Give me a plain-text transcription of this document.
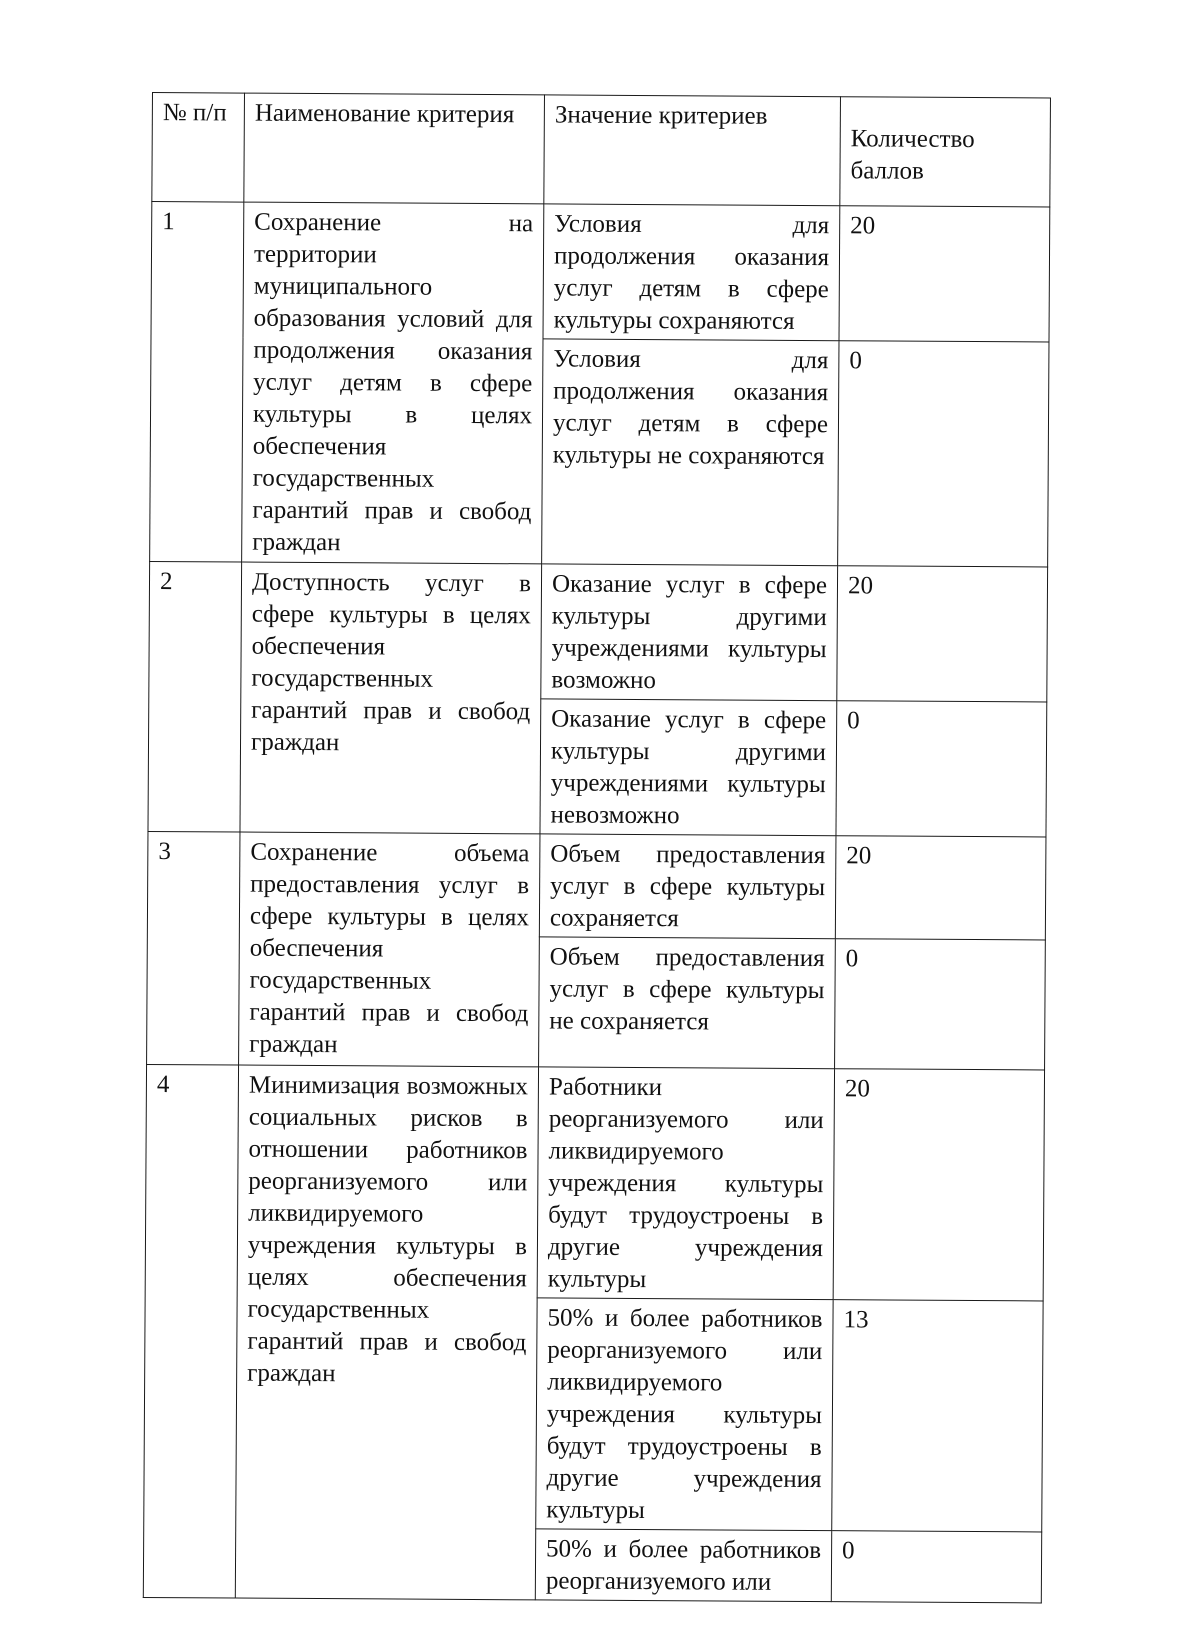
№ п/п	Наименование критерия	Значение критериев	Количество баллов
1	Сохранение на территории муниципального образования условий для продолжения оказания услуг детям в сфере культуры в целях обеспечения государственных гарантий прав и свобод граждан	Условия для продолжения оказания услуг детям в сфере культуры сохраняются	20
		Условия для продолжения оказания услуг детям в сфере культуры не сохраняются	0
2	Доступность услуг в сфере культуры в целях обеспечения государственных гарантий прав и свобод граждан	Оказание услуг в сфере культуры другими учреждениями культуры возможно	20
		Оказание услуг в сфере культуры другими учреждениями культуры невозможно	0
3	Сохранение объема предоставления услуг в сфере культуры в целях обеспечения государственных гарантий прав и свобод граждан	Объем предоставления услуг в сфере культуры сохраняется	20
		Объем предоставления услуг в сфере культуры не сохраняется	0
4	Минимизация возможных социальных рисков в отношении работников реорганизуемого или ликвидируемого учреждения культуры в целях обеспечения государственных гарантий прав и свобод граждан	Работники реорганизуемого или ликвидируемого учреждения культуры будут трудоустроены в другие учреждения культуры	20
		50% и более работников реорганизуемого или ликвидируемого учреждения культуры будут трудоустроены в другие учреждения культуры	13
		50% и более работников реорганизуемого или	0
